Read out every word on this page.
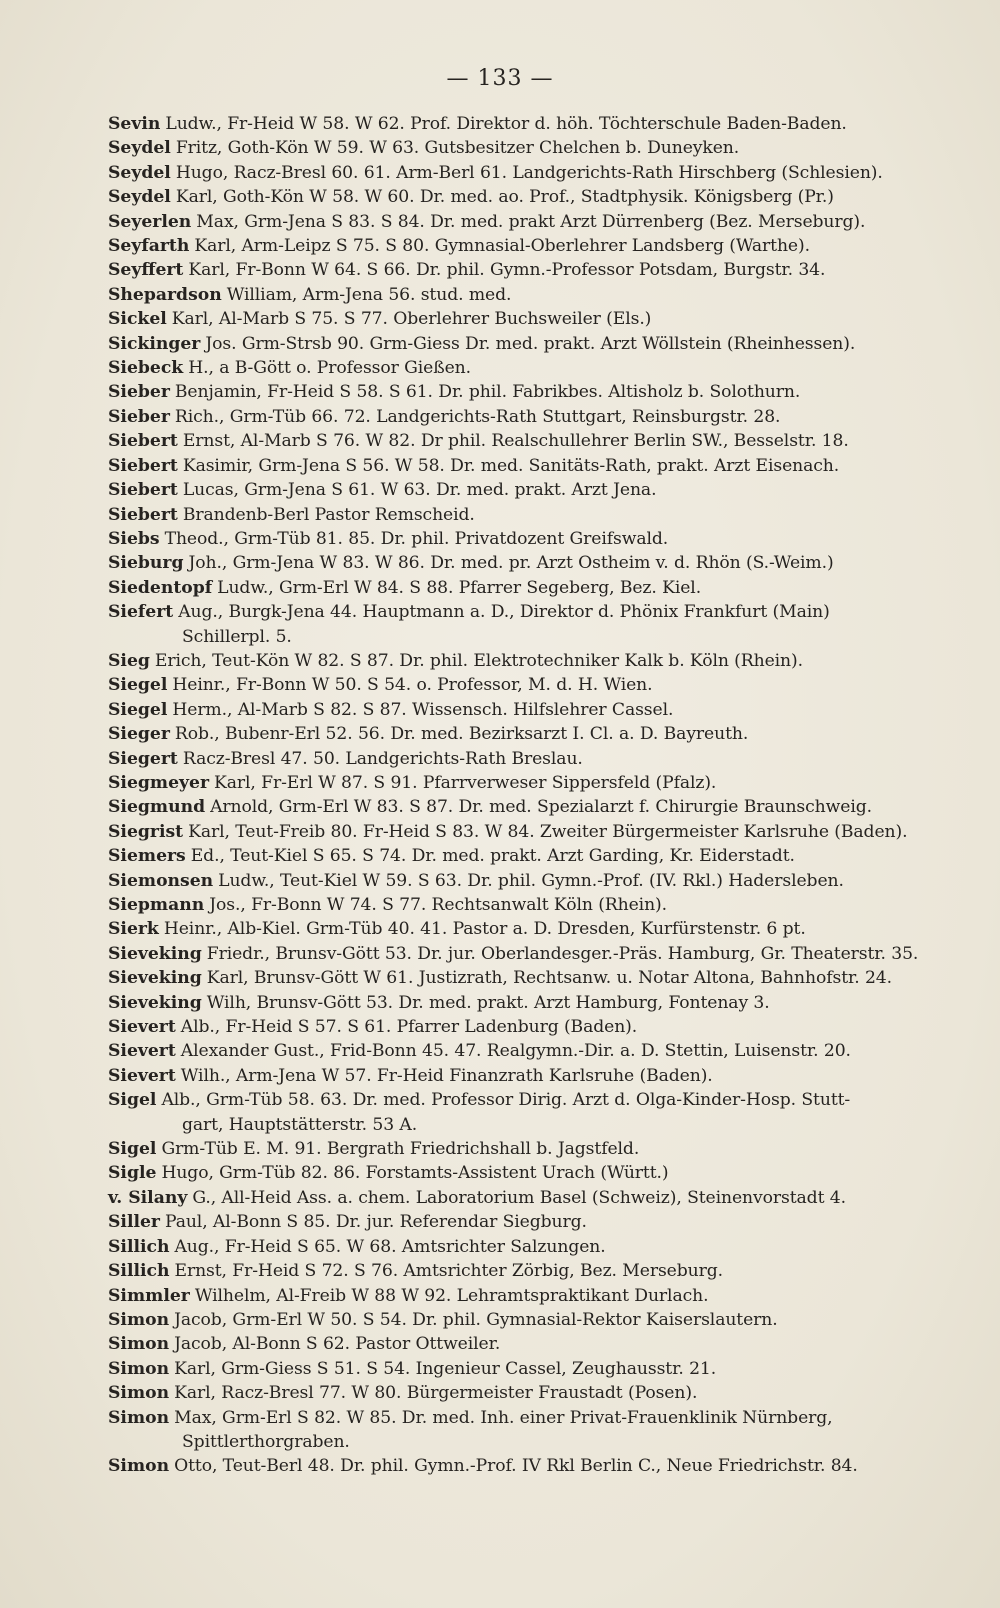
— 133 —
Sevin Ludw., Fr-Heid W 58. W 62. Prof. Direktor d. höh. Töchterschule Baden-Baden.
Seydel Fritz, Goth-Kön W 59. W 63. Gutsbesitzer Chelchen b. Duneyken.
Seydel Hugo, Racz-Bresl 60. 61. Arm-Berl 61. Landgerichts-Rath Hirschberg (Schlesien).
Seydel Karl, Goth-Kön W 58. W 60. Dr. med. ao. Prof., Stadtphysik. Königsberg (Pr.)
Seyerlen Max, Grm-Jena S 83. S 84. Dr. med. prakt Arzt Dürrenberg (Bez. Merseburg).
Seyfarth Karl, Arm-Leipz S 75. S 80. Gymnasial-Oberlehrer Landsberg (Warthe).
Seyffert Karl, Fr-Bonn W 64. S 66. Dr. phil. Gymn.-Professor Potsdam, Burgstr. 34.
Shepardson William, Arm-Jena 56. stud. med.
Sickel Karl, Al-Marb S 75. S 77. Oberlehrer Buchsweiler (Els.)
Sickinger Jos. Grm-Strsb 90. Grm-Giess Dr. med. prakt. Arzt Wöllstein (Rheinhessen).
Siebeck H., a B-Gött o. Professor Gießen.
Sieber Benjamin, Fr-Heid S 58. S 61. Dr. phil. Fabrikbes. Altisholz b. Solothurn.
Sieber Rich., Grm-Tüb 66. 72. Landgerichts-Rath Stuttgart, Reinsburgstr. 28.
Siebert Ernst, Al-Marb S 76. W 82. Dr phil. Realschullehrer Berlin SW., Besselstr. 18.
Siebert Kasimir, Grm-Jena S 56. W 58. Dr. med. Sanitäts-Rath, prakt. Arzt Eisenach.
Siebert Lucas, Grm-Jena S 61. W 63. Dr. med. prakt. Arzt Jena.
Siebert Brandenb-Berl Pastor Remscheid.
Siebs Theod., Grm-Tüb 81. 85. Dr. phil. Privatdozent Greifswald.
Sieburg Joh., Grm-Jena W 83. W 86. Dr. med. pr. Arzt Ostheim v. d. Rhön (S.-Weim.)
Siedentopf Ludw., Grm-Erl W 84. S 88. Pfarrer Segeberg, Bez. Kiel.
Siefert Aug., Burgk-Jena 44. Hauptmann a. D., Direktor d. Phönix Frankfurt (Main)
Schillerpl. 5.
Sieg Erich, Teut-Kön W 82. S 87. Dr. phil. Elektrotechniker Kalk b. Köln (Rhein).
Siegel Heinr., Fr-Bonn W 50. S 54. o. Professor, M. d. H. Wien.
Siegel Herm., Al-Marb S 82. S 87. Wissensch. Hilfslehrer Cassel.
Sieger Rob., Bubenr-Erl 52. 56. Dr. med. Bezirksarzt I. Cl. a. D. Bayreuth.
Siegert Racz-Bresl 47. 50. Landgerichts-Rath Breslau.
Siegmeyer Karl, Fr-Erl W 87. S 91. Pfarrverweser Sippersfeld (Pfalz).
Siegmund Arnold, Grm-Erl W 83. S 87. Dr. med. Spezialarzt f. Chirurgie Braunschweig.
Siegrist Karl, Teut-Freib 80. Fr-Heid S 83. W 84. Zweiter Bürgermeister Karlsruhe (Baden).
Siemers Ed., Teut-Kiel S 65. S 74. Dr. med. prakt. Arzt Garding, Kr. Eiderstadt.
Siemonsen Ludw., Teut-Kiel W 59. S 63. Dr. phil. Gymn.-Prof. (IV. Rkl.) Hadersleben.
Siepmann Jos., Fr-Bonn W 74. S 77. Rechtsanwalt Köln (Rhein).
Sierk Heinr., Alb-Kiel. Grm-Tüb 40. 41. Pastor a. D. Dresden, Kurfürstenstr. 6 pt.
Sieveking Friedr., Brunsv-Gött 53. Dr. jur. Oberlandesger.-Präs. Hamburg, Gr. Theaterstr. 35.
Sieveking Karl, Brunsv-Gött W 61. Justizrath, Rechtsanw. u. Notar Altona, Bahnhofstr. 24.
Sieveking Wilh, Brunsv-Gött 53. Dr. med. prakt. Arzt Hamburg, Fontenay 3.
Sievert Alb., Fr-Heid S 57. S 61. Pfarrer Ladenburg (Baden).
Sievert Alexander Gust., Frid-Bonn 45. 47. Realgymn.-Dir. a. D. Stettin, Luisenstr. 20.
Sievert Wilh., Arm-Jena W 57. Fr-Heid Finanzrath Karlsruhe (Baden).
Sigel Alb., Grm-Tüb 58. 63. Dr. med. Professor Dirig. Arzt d. Olga-Kinder-Hosp. Stutt-
gart, Hauptstätterstr. 53 A.
Sigel Grm-Tüb E. M. 91. Bergrath Friedrichshall b. Jagstfeld.
Sigle Hugo, Grm-Tüb 82. 86. Forstamts-Assistent Urach (Württ.)
v. Silany G., All-Heid Ass. a. chem. Laboratorium Basel (Schweiz), Steinenvorstadt 4.
Siller Paul, Al-Bonn S 85. Dr. jur. Referendar Siegburg.
Sillich Aug., Fr-Heid S 65. W 68. Amtsrichter Salzungen.
Sillich Ernst, Fr-Heid S 72. S 76. Amtsrichter Zörbig, Bez. Merseburg.
Simmler Wilhelm, Al-Freib W 88 W 92. Lehramtspraktikant Durlach.
Simon Jacob, Grm-Erl W 50. S 54. Dr. phil. Gymnasial-Rektor Kaiserslautern.
Simon Jacob, Al-Bonn S 62. Pastor Ottweiler.
Simon Karl, Grm-Giess S 51. S 54. Ingenieur Cassel, Zeughausstr. 21.
Simon Karl, Racz-Bresl 77. W 80. Bürgermeister Fraustadt (Posen).
Simon Max, Grm-Erl S 82. W 85. Dr. med. Inh. einer Privat-Frauenklinik Nürnberg,
Spittlerthorgraben.
Simon Otto, Teut-Berl 48. Dr. phil. Gymn.-Prof. IV Rkl Berlin C., Neue Friedrichstr. 84.
